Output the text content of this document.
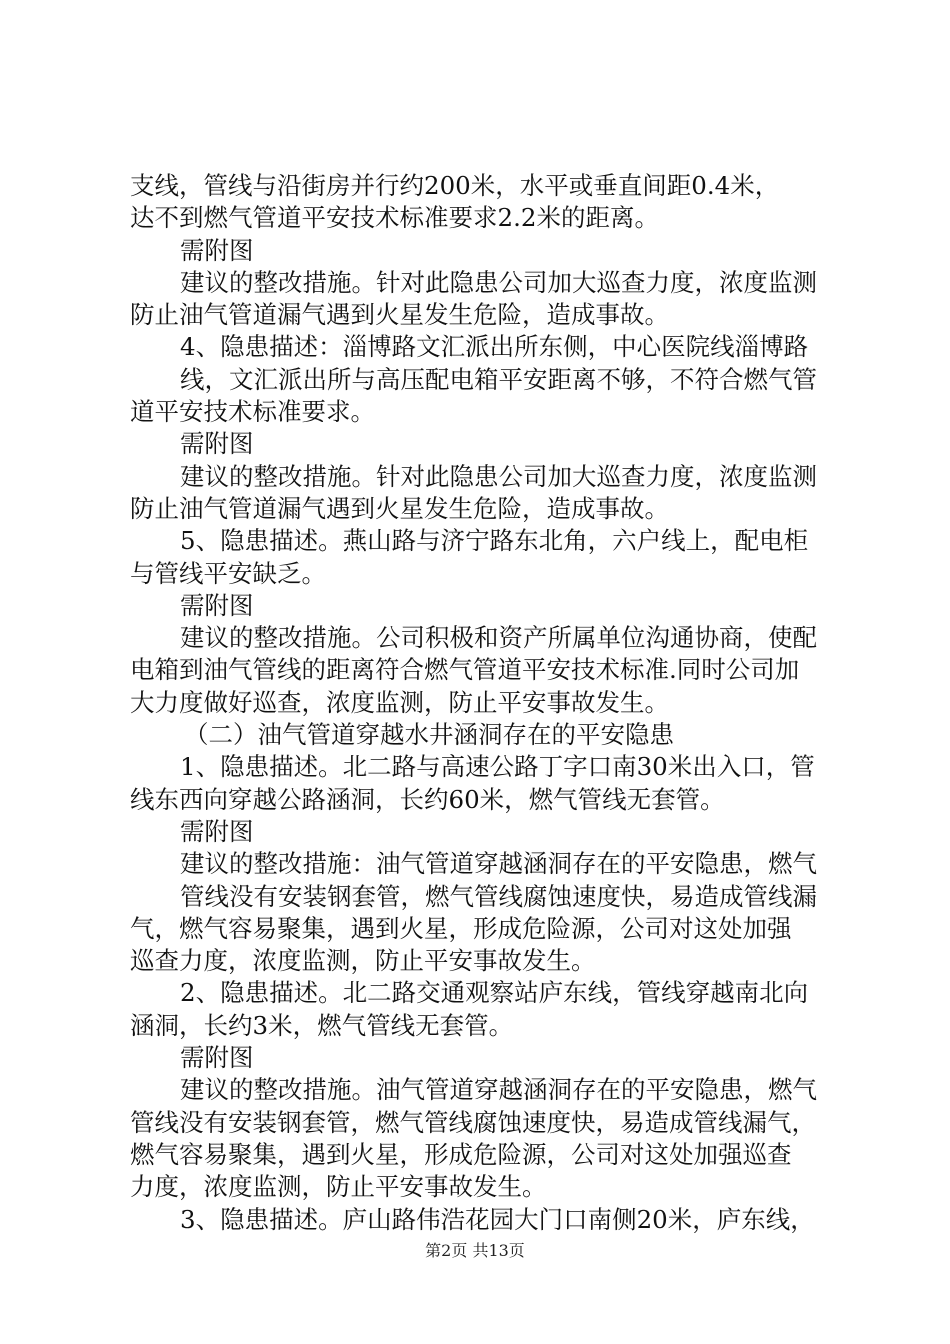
支线，管线与沿街房并行约200米，水平或垂直间距0.4米，
达不到燃气管道平安技术标准要求2.2米的距离。
需附图
建议的整改措施。针对此隐患公司加大巡查力度，浓度监测
防止油气管道漏气遇到火星发生危险，造成事故。
4、隐患描述：淄博路文汇派出所东侧，中心医院线淄博路
线，文汇派出所与高压配电箱平安距离不够，不符合燃气管
道平安技术标准要求。
需附图
建议的整改措施。针对此隐患公司加大巡查力度，浓度监测
防止油气管道漏气遇到火星发生危险，造成事故。
5、隐患描述。燕山路与济宁路东北角，六户线上，配电柜
与管线平安缺乏。
需附图
建议的整改措施。公司积极和资产所属单位沟通协商，使配
电箱到油气管线的距离符合燃气管道平安技术标准.同时公司加
大力度做好巡查，浓度监测，防止平安事故发生。
（二）油气管道穿越水井涵洞存在的平安隐患
1、隐患描述。北二路与高速公路丁字口南30米出入口，管
线东西向穿越公路涵洞，长约60米，燃气管线无套管。
需附图
建议的整改措施：油气管道穿越涵洞存在的平安隐患，燃气
管线没有安装钢套管，燃气管线腐蚀速度快，易造成管线漏
气，燃气容易聚集，遇到火星，形成危险源，公司对这处加强
巡查力度，浓度监测，防止平安事故发生。
2、隐患描述。北二路交通观察站庐东线，管线穿越南北向
涵洞，长约3米，燃气管线无套管。
需附图
建议的整改措施。油气管道穿越涵洞存在的平安隐患，燃气
管线没有安装钢套管，燃气管线腐蚀速度快，易造成管线漏气，
燃气容易聚集，遇到火星，形成危险源，公司对这处加强巡查
力度，浓度监测，防止平安事故发生。
3、隐患描述。庐山路伟浩花园大门口南侧20米，庐东线，
第2页 共13页
